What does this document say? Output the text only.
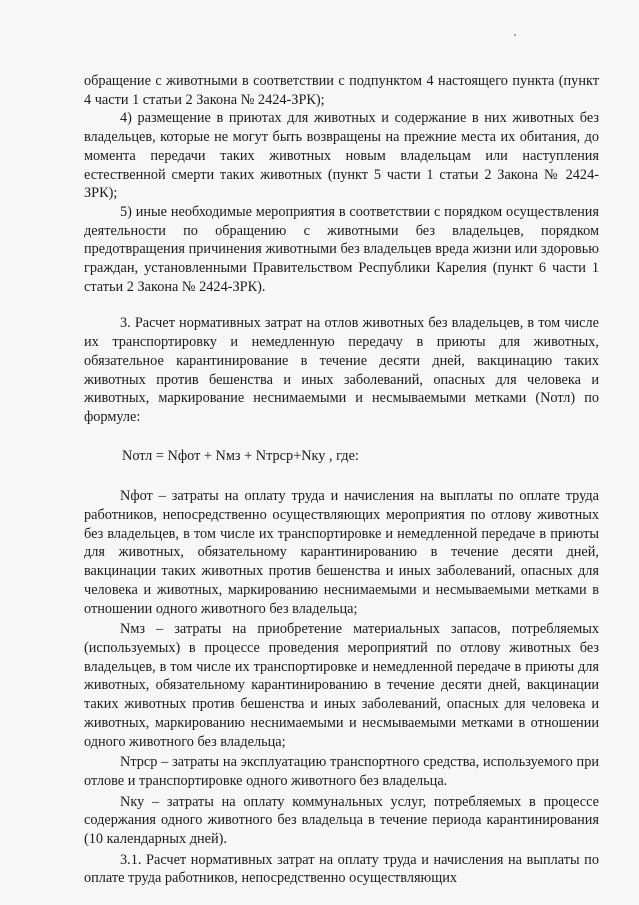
обращение с животными в соответствии с подпунктом 4 настоящего пункта (пункт 4 части 1 статьи 2 Закона № 2424-ЗРК);

4) размещение в приютах для животных и содержание в них животных без владельцев, которые не могут быть возвращены на прежние места их обитания, до момента передачи таких животных новым владельцам или наступления естественной смерти таких животных (пункт 5 части 1 статьи 2 Закона № 2424-ЗРК);

5) иные необходимые мероприятия в соответствии с порядком осуществления деятельности по обращению с животными без владельцев, порядком предотвращения причинения животными без владельцев вреда жизни или здоровью граждан, установленными Правительством Республики Карелия (пункт 6 части 1 статьи 2 Закона № 2424-ЗРК).

3. Расчет нормативных затрат на отлов животных без владельцев, в том числе их транспортировку и немедленную передачу в приюты для животных, обязательное карантинирование в течение десяти дней, вакцинацию таких животных против бешенства и иных заболеваний, опасных для человека и животных, маркирование неснимаемыми и несмываемыми метками (Nотл) по формуле:

Nотл = Nфот + Nмз + Nтрср+Nку , где:

Nфот – затраты на оплату труда и начисления на выплаты по оплате труда работников, непосредственно осуществляющих мероприятия по отлову животных без владельцев, в том числе их транспортировке и немедленной передаче в приюты для животных, обязательному карантинированию в течение десяти дней, вакцинации таких животных против бешенства и иных заболеваний, опасных для человека и животных, маркированию неснимаемыми и несмываемыми метками в отношении одного животного без владельца;

Nмз – затраты на приобретение материальных запасов, потребляемых (используемых) в процессе проведения мероприятий по отлову животных без владельцев, в том числе их транспортировке и немедленной передаче в приюты для животных, обязательному карантинированию в течение десяти дней, вакцинации таких животных против бешенства и иных заболеваний, опасных для человека и животных, маркированию неснимаемыми и несмываемыми метками в отношении одного животного без владельца;

Nтрср – затраты на эксплуатацию транспортного средства, используемого при отлове и транспортировке одного животного без владельца.

Nку – затраты на оплату коммунальных услуг, потребляемых в процессе содержания одного животного без владельца в течение периода карантинирования (10 календарных дней).

3.1. Расчет нормативных затрат на оплату труда и начисления на выплаты по оплате труда работников, непосредственно осуществляющих
